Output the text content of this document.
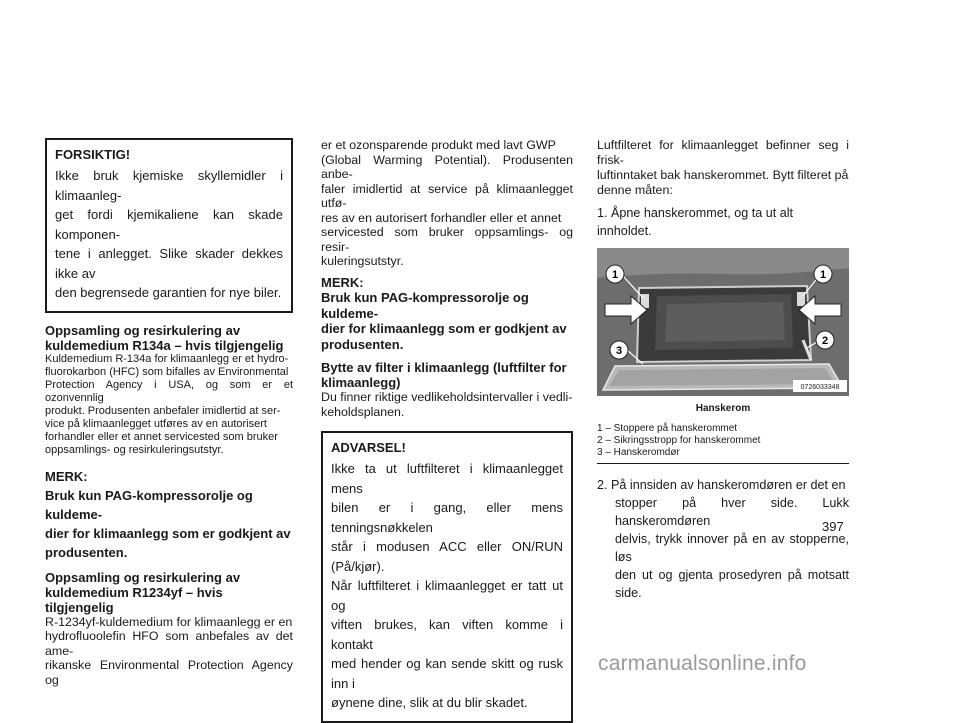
FORSIKTIG!
Ikke bruk kjemiske skyllemidler i klimaanleg-
get fordi kjemikaliene kan skade komponen-
tene i anlegget. Slike skader dekkes ikke av
den begrensede garantien for nye biler.
Oppsamling og resirkulering av
kuldemedium R134a – hvis tilgjengelig
Kuldemedium R-134a for klimaanlegg er et hydro-
fluorokarbon (HFC) som bifalles av Environmental
Protection Agency i USA, og som er et ozonvennlig
produkt. Produsenten anbefaler imidlertid at ser-
vice på klimaanlegget utføres av en autorisert
forhandler eller et annet servicested som bruker
oppsamlings- og resirkuleringsutstyr.
MERK:
Bruk kun PAG-kompressorolje og kuldeme-
dier for klimaanlegg som er godkjent av
produsenten.
Oppsamling og resirkulering av
kuldemedium R1234yf – hvis tilgjengelig
R-1234yf-kuldemedium for klimaanlegg er en
hydrofluoolefin HFO som anbefales av det ame-
rikanske Environmental Protection Agency og
er et ozonsparende produkt med lavt GWP
(Global Warming Potential). Produsenten anbe-
faler imidlertid at service på klimaanlegget utfø-
res av en autorisert forhandler eller et annet
servicested som bruker oppsamlings- og resir-
kuleringsutstyr.
MERK:
Bruk kun PAG-kompressorolje og kuldeme-
dier for klimaanlegg som er godkjent av
produsenten.
Bytte av filter i klimaanlegg (luftfilter for
klimaanlegg)
Du finner riktige vedlikeholdsintervaller i vedli-
keholdsplanen.
ADVARSEL!
Ikke ta ut luftfilteret i klimaanlegget mens
bilen er i gang, eller mens tenningsnøkkelen
står i modusen ACC eller ON/RUN (På/kjør).
Når luftfilteret i klimaanlegget er tatt ut og
viften brukes, kan viften komme i kontakt
med hender og kan sende skitt og rusk inn i
øynene dine, slik at du blir skadet.
Luftfilteret for klimaanlegget befinner seg i frisk-
luftinntaket bak hanskerommet. Bytt filteret på
denne måten:
1. Åpne hanskerommet, og ta ut alt innholdet.
1	1
2
3
0726033348
Hanskerom
1 – Stoppere på hanskerommet
2 – Sikringsstropp for hanskerommet
3 – Hanskeromdør
2. På innsiden av hanskeromdøren er det en
stopper på hver side. Lukk hanskeromdøren
delvis, trykk innover på en av stopperne, løs
den ut og gjenta prosedyren på motsatt side.
397
carmanualsonline.info
